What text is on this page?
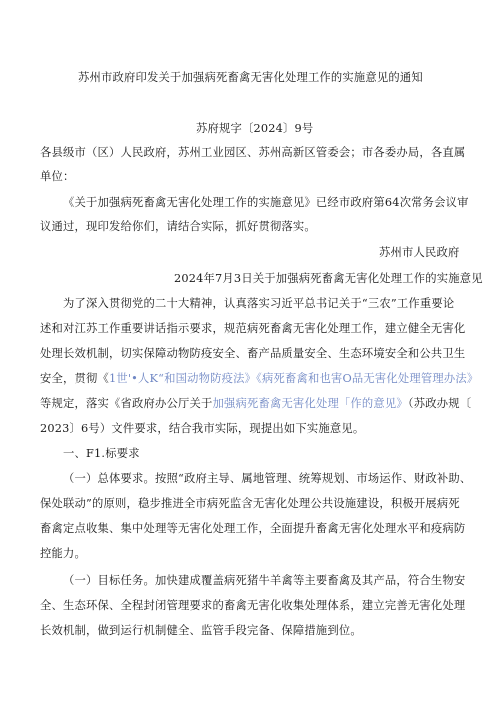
苏州市政府印发关于加强病死畜禽无害化处理工作的实施意见的通知
苏府规字〔2024〕9号
各县级市（区）人民政府，苏州工业园区、苏州高新区管委会；市各委办局，各直属
单位：
《关于加强病死畜禽无害化处理工作的实施意见》已经市政府第64次常务会议审
议通过，现印发给你们，请结合实际，抓好贯彻落实。
苏州市人民政府
2024年7月3日关于加强病死畜禽无害化处理工作的实施意见
为了深入贯彻党的二十大精神，认真落实习近平总书记关于“三农”工作重要论
述和对江苏工作重要讲话指示要求，规范病死畜禽无害化处理工作，建立健全无害化
处理长效机制，切实保障动物防疫安全、畜产品质量安全、生态环境安全和公共卫生
安全，贯彻《1世'•人K“和国动物防疫法》《病死畜禽和也害O品无害化处理管理办法》
等规定，落实《省政府办公厅关于加强病死畜禽无害化处理「作的意见》（苏政办规〔
2023〕6号）文件要求，结合我市实际，现提出如下实施意见。
一、F1.标要求
（一）总体要求。按照“政府主导、属地管理、统筹规划、市场运作、财政补助、
保处联动”的原则，稳步推进全市病死监含无害化处理公共设施建设，积极开展病死
畜禽定点收集、集中处理等无害化处理工作，全面提升畜禽无害化处理水平和疫病防
控能力。
（一）目标任务。加快建成覆盖病死猪牛羊禽等主要畜禽及其产品，符合生物安
全、生态环保、全程封闭管理要求的畜禽无害化收集处理体系，建立完善无害化处理
长效机制，做到运行机制健全、监管手段完备、保障措施到位。
